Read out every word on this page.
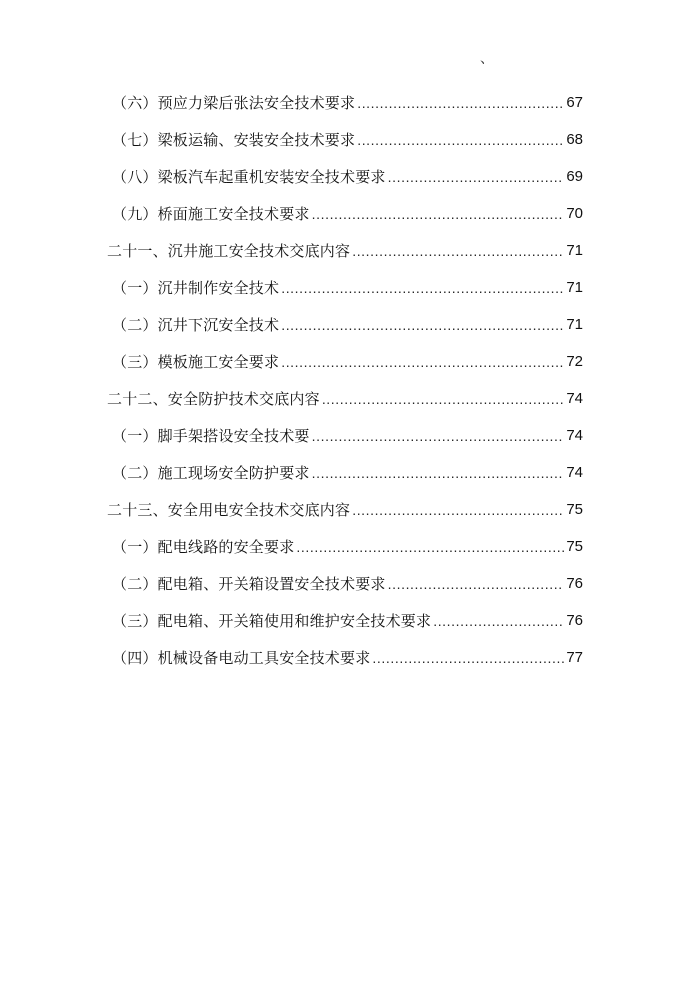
、
（六）预应力梁后张法安全技术要求 .....	67
（七）梁板运输、安装安全技术要求 .....	68
（八）梁板汽车起重机安装安全技术要求 .....	69
（九）桥面施工安全技术要求 .....	70
二十一、沉井施工安全技术交底内容 .....	71
（一）沉井制作安全技术 .....	71
（二）沉井下沉安全技术 .....	71
（三）模板施工安全要求 .....	72
二十二、安全防护技术交底内容 .....	74
（一）脚手架搭设安全技术要 .....	74
（二）施工现场安全防护要求 .....	74
二十三、安全用电安全技术交底内容 .....	75
（一）配电线路的安全要求 .....	75
（二）配电箱、开关箱设置安全技术要求 .....	76
（三）配电箱、开关箱使用和维护安全技术要求 .....	76
（四）机械设备电动工具安全技术要求 .....	77
